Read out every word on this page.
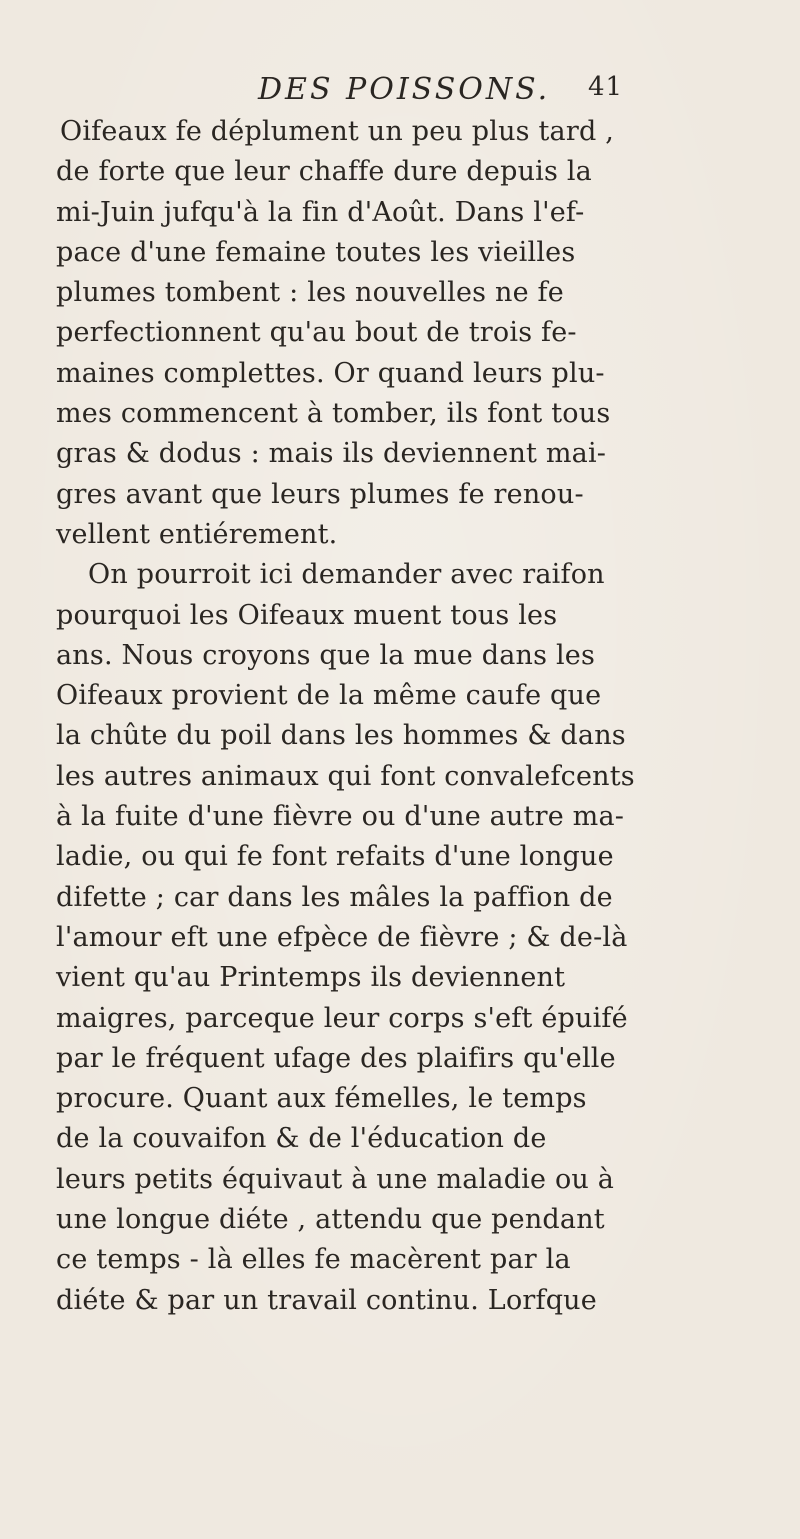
DES POISSONS. 41
Oifeaux fe déplument un peu plus tard ,
de forte que leur chaffe dure depuis la
mi-Juin jufqu'à la fin d'Août. Dans l'ef-
pace d'une femaine toutes les vieilles
plumes tombent : les nouvelles ne fe
perfectionnent qu'au bout de trois fe-
maines complettes. Or quand leurs plu-
mes commencent à tomber, ils font tous
gras & dodus : mais ils deviennent mai-
gres avant que leurs plumes fe renou-
vellent entiérement.
On pourroit ici demander avec raifon
pourquoi les Oifeaux muent tous les
ans. Nous croyons que la mue dans les
Oifeaux provient de la même caufe que
la chûte du poil dans les hommes & dans
les autres animaux qui font convalefcents
à la fuite d'une fièvre ou d'une autre ma-
ladie, ou qui fe font refaits d'une longue
difette ; car dans les mâles la paffion de
l'amour eft une efpèce de fièvre ; & de-là
vient qu'au Printemps ils deviennent
maigres, parceque leur corps s'eft épuifé
par le fréquent ufage des plaifirs qu'elle
procure. Quant aux fémelles, le temps
de la couvaifon & de l'éducation de
leurs petits équivaut à une maladie ou à
une longue diéte , attendu que pendant
ce temps - là elles fe macèrent par la
diéte & par un travail continu. Lorfque
